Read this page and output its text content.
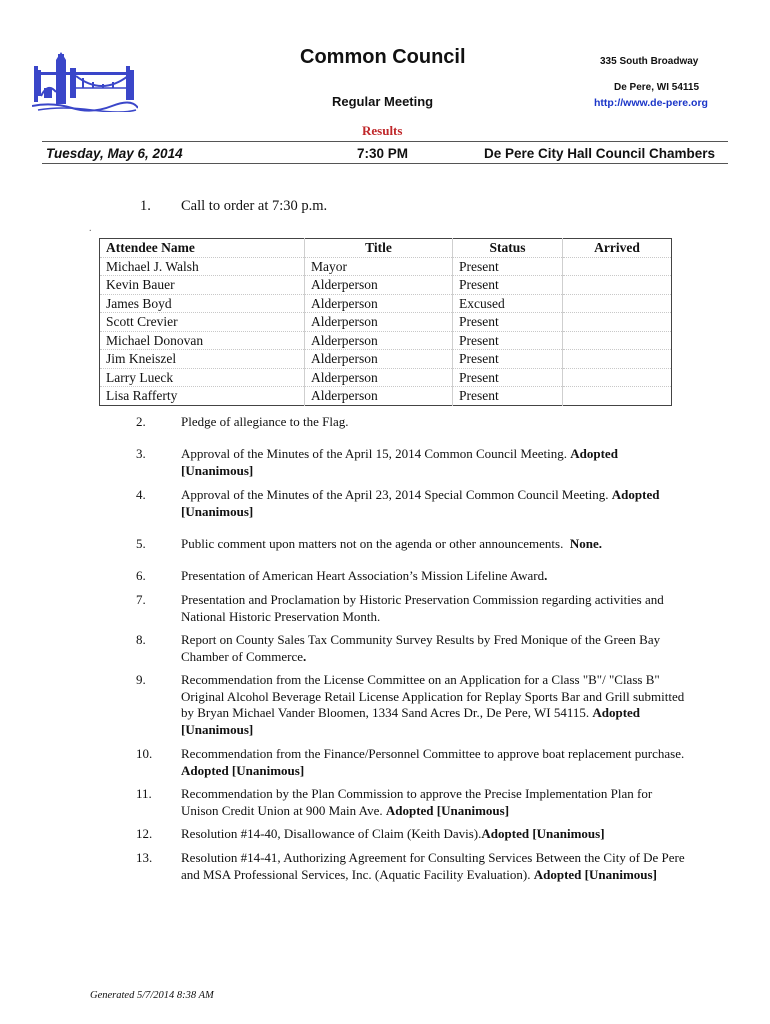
Common Council
Regular Meeting
335 South Broadway
De Pere, WI 54115
http://www.de-pere.org
Results
Tuesday, May 6, 2014	7:30 PM	De Pere City Hall Council Chambers
1. Call to order at 7:30 p.m.
.
Attendee Name	Title	Status	Arrived
Michael J. Walsh	Mayor	Present	
Kevin Bauer	Alderperson	Present	
James Boyd	Alderperson	Excused	
Scott Crevier	Alderperson	Present	
Michael Donovan	Alderperson	Present	
Jim Kneiszel	Alderperson	Present	
Larry Lueck	Alderperson	Present	
Lisa Rafferty	Alderperson	Present	
2.	Pledge of allegiance to the Flag.
3.	Approval of the Minutes of the April 15, 2014 Common Council Meeting. Adopted [Unanimous]
4.	Approval of the Minutes of the April 23, 2014 Special Common Council Meeting. Adopted [Unanimous]
5.	Public comment upon matters not on the agenda or other announcements. None.
6.	Presentation of American Heart Association’s Mission Lifeline Award.
7.	Presentation and Proclamation by Historic Preservation Commission regarding activities and National Historic Preservation Month.
8.	Report on County Sales Tax Community Survey Results by Fred Monique of the Green Bay Chamber of Commerce.
9.	Recommendation from the License Committee on an Application for a Class "B"/ "Class B" Original Alcohol Beverage Retail License Application for Replay Sports Bar and Grill submitted by Bryan Michael Vander Bloomen, 1334 Sand Acres Dr., De Pere, WI 54115. Adopted [Unanimous]
10. Recommendation from the Finance/Personnel Committee to approve boat replacement purchase. Adopted [Unanimous]
11. Recommendation by the Plan Commission to approve the Precise Implementation Plan for Unison Credit Union at 900 Main Ave. Adopted [Unanimous]
12. Resolution #14-40, Disallowance of Claim (Keith Davis).Adopted [Unanimous]
13. Resolution #14-41, Authorizing Agreement for Consulting Services Between the City of De Pere and MSA Professional Services, Inc. (Aquatic Facility Evaluation). Adopted [Unanimous]
Generated 5/7/2014 8:38 AM
